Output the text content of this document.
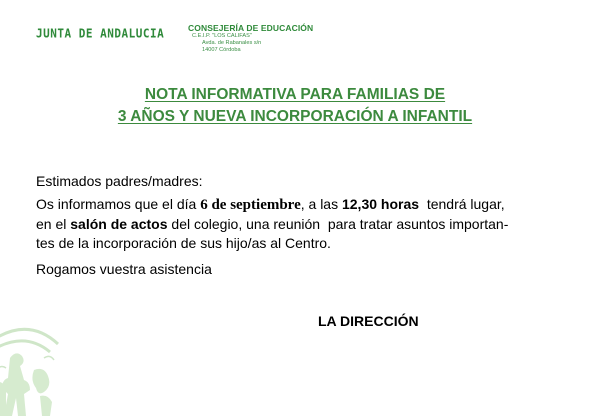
JUNTA DE ANDALUCIA	CONSEJERÍA DE EDUCACIÓN
C.E.I.P. "LOS CALIFAS"
Avda. de Rabanales s/n
14007 Córdoba
NOTA INFORMATIVA PARA FAMILIAS DE
3 AÑOS Y NUEVA INCORPORACIÓN A INFANTIL
Estimados padres/madres:
Os informamos que el día 6 de septiembre, a las 12,30 horas  tendrá lugar,
en el salón de actos del colegio, una reunión  para tratar asuntos importan-
tes de la incorporación de sus hijo/as al Centro.
Rogamos vuestra asistencia
LA DIRECCIÓN
